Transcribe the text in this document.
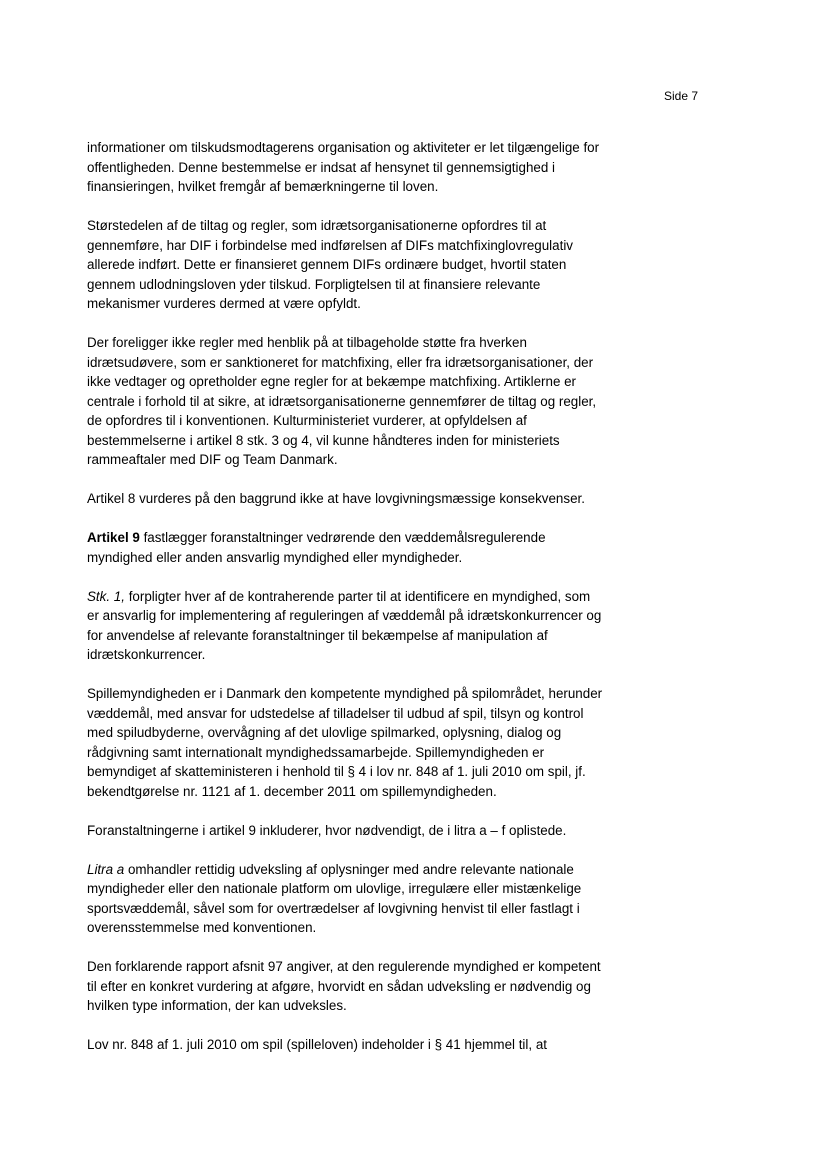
Side 7

informationer om tilskudsmodtagerens organisation og aktiviteter er let tilgængelige for
offentligheden. Denne bestemmelse er indsat af hensynet til gennemsigtighed i
finansieringen, hvilket fremgår af bemærkningerne til loven.

Størstedelen af de tiltag og regler, som idrætsorganisationerne opfordres til at
gennemføre, har DIF i forbindelse med indførelsen af DIFs matchfixinglovregulativ
allerede indført. Dette er finansieret gennem DIFs ordinære budget, hvortil staten
gennem udlodningsloven yder tilskud. Forpligtelsen til at finansiere relevante
mekanismer vurderes dermed at være opfyldt.

Der foreligger ikke regler med henblik på at tilbageholde støtte fra hverken
idrætsudøvere, som er sanktioneret for matchfixing, eller fra idrætsorganisationer, der
ikke vedtager og opretholder egne regler for at bekæmpe matchfixing. Artiklerne er
centrale i forhold til at sikre, at idrætsorganisationerne gennemfører de tiltag og regler,
de opfordres til i konventionen. Kulturministeriet vurderer, at opfyldelsen af
bestemmelserne i artikel 8 stk. 3 og 4, vil kunne håndteres inden for ministeriets
rammeaftaler med DIF og Team Danmark.

Artikel 8 vurderes på den baggrund ikke at have lovgivningsmæssige konsekvenser.

Artikel 9 fastlægger foranstaltninger vedrørende den væddemålsregulerende
myndighed eller anden ansvarlig myndighed eller myndigheder.

Stk. 1, forpligter hver af de kontraherende parter til at identificere en myndighed, som
er ansvarlig for implementering af reguleringen af væddemål på idrætskonkurrencer og
for anvendelse af relevante foranstaltninger til bekæmpelse af manipulation af
idrætskonkurrencer.

Spillemyndigheden er i Danmark den kompetente myndighed på spilområdet, herunder
væddemål, med ansvar for udstedelse af tilladelser til udbud af spil, tilsyn og kontrol
med spiludbyderne, overvågning af det ulovlige spilmarked, oplysning, dialog og
rådgivning samt internationalt myndighedssamarbejde. Spillemyndigheden er
bemyndiget af skatteministeren i henhold til § 4 i lov nr. 848 af 1. juli 2010 om spil, jf.
bekendtgørelse nr. 1121 af 1. december 2011 om spillemyndigheden.

Foranstaltningerne i artikel 9 inkluderer, hvor nødvendigt, de i litra a – f oplistede.

Litra a omhandler rettidig udveksling af oplysninger med andre relevante nationale
myndigheder eller den nationale platform om ulovlige, irregulære eller mistænkelige
sportsvæddemål, såvel som for overtrædelser af lovgivning henvist til eller fastlagt i
overensstemmelse med konventionen.

Den forklarende rapport afsnit 97 angiver, at den regulerende myndighed er kompetent
til efter en konkret vurdering at afgøre, hvorvidt en sådan udveksling er nødvendig og
hvilken type information, der kan udveksles.

Lov nr. 848 af 1. juli 2010 om spil (spilleloven) indeholder i § 41 hjemmel til, at
